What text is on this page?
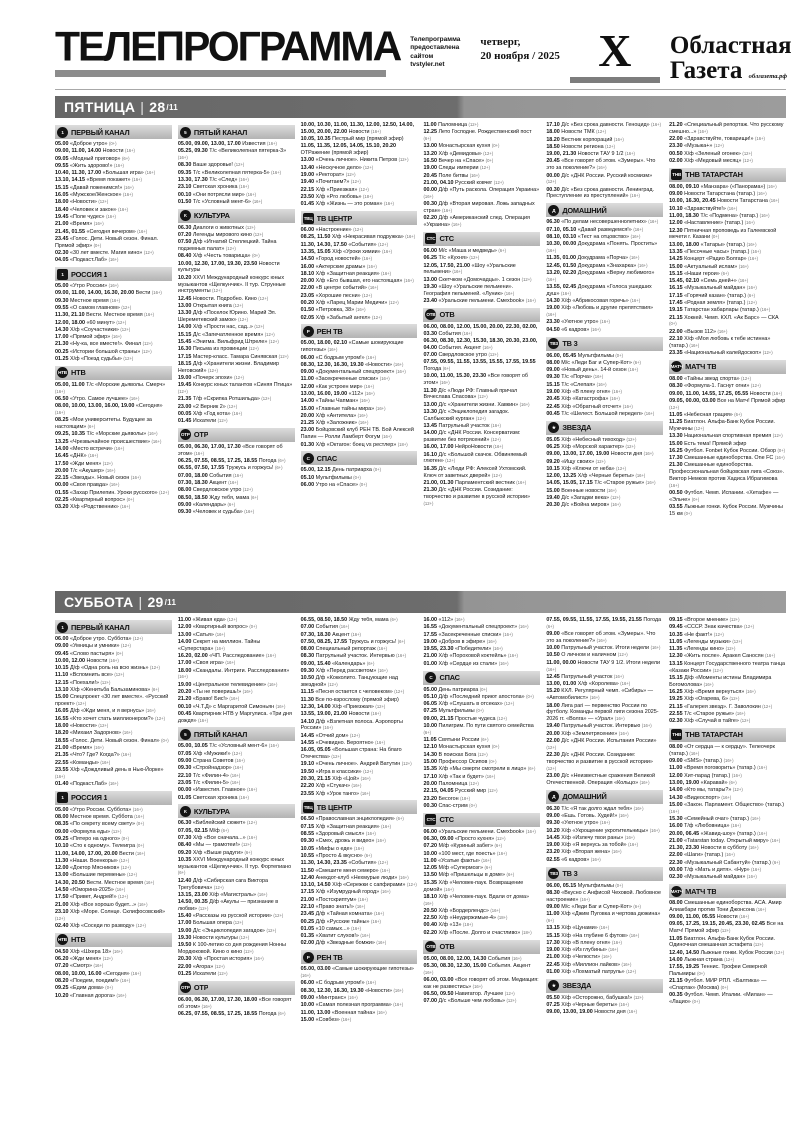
ТЕЛЕПРОГРАММА Телепрограмма предоставлена сайтом tvstyler.net
четверг,
20 ноября / 2025 X	Областная
Газета облгазета.рф
ПЯТНИЦА | 28 /11
1 ПЕРВЫЙ КАНАЛ
05.00 «Доброе утро» (0+)
09.00, 11.00, 14.00 Новости (16+)
09.05 «Модный приговор» (6+)
09.55 «Жить здорово!» (16+)
10.40, 11.30, 17.00 «Большая игра» (16+)
13.10, 14.15 «Время покажет» (16+)
15.15 «Давай поженимся!» (16+)
16.05 «Мужское/Женское» (16+)
18.00 «Новости» (12+)
18.40 «Человек и закон» (16+)
19.45 «Поле чудес» (16+)
21.00 «Время» (16+)
21.45, 01.55 «Сегодня вечером» (16+)
23.45 «Голос. Дети. Новый сезон. Финал. Прямой эфир» (0+)
02.30 «30 лет вместе. Магия кино» (12+)
04.05 «Подкаст.Лаб» (16+)
1 РОССИЯ 1
05.00 «Утро России» (16+)
09.00, 11.00, 14.00, 16.30, 20.00 Вести (16+)
09.30 Местное время (16+)
09.55 «О самом главном» (12+)
11.30, 21.10 Вести. Местное время (16+)
12.00, 18.00 «60 минут» (12+)
14.30 Х/ф «Соучастники» (12+)
17.00 «Прямой эфир» (16+)
21.30 «Ну-ка, все вместе!». Финал (12+)
00.25 «Истории большой страны» (12+)
01.25 Х/ф «Поезд судьбы» (12+)
НТВ НТВ
05.00, 11.00 Т/с «Морские дьяволы. Смерч» (16+)
06.50 «Утро. Самое лучшее» (16+)
08.00, 10.00, 13.00, 16.00, 19.00 «Сегодня» (16+)
08.25 «Мои университеты. Будущее за настоящим» (6+)
09.25, 10.35 Т/с «Морские дьяволы» (16+)
13.25 «Чрезвычайное происшествие» (16+)
14.00 «Место встречи» (16+)
16.45 «ДНК» (16+)
17.50 «Жди меня» (12+)
20.00 Т/с «Акушер» (16+)
22.15 «Звезды». Новый сезон (16+)
00.00 «Своя правда» (16+)
01.55 «Захар Прилепин. Уроки русского» (12+)
02.25 «Квартирный вопрос» (0+)
03.20 Х/ф «Родственник» (16+)
5 ПЯТЫЙ КАНАЛ
05.00, 09.00, 13.00, 17.00 Известия (16+)
05.25, 09.30 Т/с «Великолепная пятерка-3» (16+)
08.30 Ваше здоровье! (12+)
09.35 Т/с «Великолепная пятерка-5» (16+)
13.30, 17.30 Т/с «След» (16+)
23.10 Светская хроника (16+)
00.10 «Они потрясли мир» (16+)
01.50 Т/с «Условный мент-6» (16+)
К КУЛЬТУРА
06.30 Диалоги о животных (12+)
07.20 Легенды мирового кино (12+)
07.50 Д/ф «Игнатий Стеллецкий. Тайна подземных палат» (12+)
08.40 Х/ф «Честь товарища» (0+)
10.00, 12.30, 17.00, 19.30, 23.50 Новости культуры
10.20 XXVI Международный конкурс юных музыкантов «Щелкунчик». II тур. Струнные инструменты (12+)
12.45 Новости. Подробно. Кино (12+)
13.00 Открытая книга (12+)
13.30 Д/ф «Поселок Юрино. Марий Эл. Шереметевский замок» (12+)
14.00 Х/ф «Прости нас, сад..» (12+)
15.15 Д/с «Запечатленное время» (12+)
15.45 «Энигма. Вильфрид Штреле» (12+)
16.30 Письма из провинции (12+)
17.15 Мастер-класс. Тамара Синявская (12+)
18.15 Д/ф «Хранители жизни. Владимир Неговский» (12+)
19.00 «Почерк эпохи» (12+)
19.45 Конкурс юных талантов «Синяя Птица» (12+)
21.35 Т/ф «Скрипка Ротшильда» (12+)
23.00 «2 Верник 2» (12+)
00.05 Х/ф «Год кота» (16+)
01.45 Искатели (12+)
ОТР ОТР
05.00, 06.30, 17.00, 17.30 «Все говорят об этом» (16+)
06.25, 07.55, 08.55, 17.25, 18.55 Погода (6+)
06.55, 07.50, 17.55 Тружусь и горжусь! (6+)
07.00, 18.00 События (16+)
07.30, 18.30 Акцент (16+)
08.00 Свердловское утро (12+)
08.50, 18.50 Жду тебя, мама (6+)
09.00 «Календарь» (6+)
09.30 «Человек и судьба» (16+)
10.00, 10.30, 11.00, 11.30, 12.00, 12.50, 14.00, 15.00, 20.00, 22.00 Новости (16+)
10.05, 10.35 Пестрый мир (прямой эфир)
11.05, 11.35, 12.05, 14.05, 15.10, 20.20 ОТРажение (прямой эфир)
13.00 «Очень личное». Никита Петров (12+)
13.40 «Нескучное дело» (12+)
19.00 «Ректорат» (12+)
19.40 «Почитаем?» (12+)
22.15 Х/ф «Приезжая» (12+)
23.50 Х/ф «Pro любовь» (18+)
01.45 Х/ф «Жизнь — это роман» (16+)
ТВЦ ТВ ЦЕНТР
06.00 «Настроение» (12+)
08.25, 11.50 Х/ф «Некрасивая подружка» (16+)
11.30, 14.30, 17.50 «События» (12+)
13.35, 15.05 Х/ф «Уроки химии» (16+)
14.50 «Город новостей» (16+)
16.00 «Актерские драмы» (16+)
18.10 Х/ф «Защитная реакция» (16+)
20.00 Х/ф «Его бывшая, его настоящая» (16+)
22.00 «В центре событий» (16+)
23.05 «Хорошие песни» (12+)
00.20 Х/ф «Ларец Марии Медичи» (12+)
01.50 «Петровка, 38» (16+)
02.05 Х/ф «Забытый ангел» (12+)
Р РЕН ТВ
05.00, 18.00, 02.10 «Самые шокирующие гипотезы» (16+)
06.00 «С бодрым утром!» (16+)
08.30, 12.30, 16.30, 19.30 «Новости» (16+)
09.00 «Документальный спецпроект» (16+)
11.00 «Засекреченные списки» (16+)
12.00 «Как устроен мир» (16+)
13.00, 16.00, 19.00 «112» (16+)
14.00 «Тайны Чапман» (16+)
15.00 «Главные тайны мира» (16+)
20.00 Х/ф «Антитела» (16+)
21.25 Х/ф «Заложник» (16+)
23.00 Бойцовский клуб РЕН ТВ. Бой Алексей Папин — Ролли Ламберт Фогум (16+)
01.30 Х/ф «Октагон: боец vs рестлер» (18+)
С СПАС
05.00, 12.15 День патриарха (0+)
05.10 Мультфильмы (0+)
06.00 Утро на «Спасе» (0+)
11.00 Паломница (12+)
12.25 Лето Господне. Рождественский пост (6+)
13.00 Монастырская кухня (0+)
13.20 Х/ф «Демидовы» (12+)
16.50 Вечер на «Спасе» (0+)
19.00 Следы империи (12+)
20.45 Поле битвы (16+)
21.00, 04.10 Русский ковчег (12+)
00.00 Д/ф «Путь раскола. Операция Украина» (16+)
00.30 Д/ф «Вторая мировая. Ложь западных стран» (16+)
02.20 Д/ф «Американский след. Операция «Украина» (16+)
СТС СТС
06.00 М/с «Маша и медведь» (6+)
06.25 Т/с «Кухня» (12+)
12.05, 17.50, 21.00 «Шоу «Уральские пельмени» (16+)
13.00 Скетчком «Домочадцы». 1 сезон (12+)
19.30 «Шоу «Уральские пельмени». География пельменей. «Луник» (16+)
23.40 «Уральские пельмени. Смехbook» (16+)
ОТВ ОТВ
06.00, 08.00, 12.00, 15.00, 20.00, 22.30, 02.00, 03.30 События (16+)
06.30, 08.30, 12.30, 15.30, 18.30, 20.30, 23.00, 04.00 События. Акцент (16+)
07.00 Свердловское утро (12+)
07.55, 09.55, 11.55, 13.55, 15.55, 17.55, 19.55 Погода (6+)
10.00, 11.00, 15.30, 23.30 «Все говорят об этом» (16+)
11.30 Д/с «Люди РФ: Главный причал Вячеслава Спасова» (12+)
13.00 Д/с «Хранители жизни. Хавкин» (16+)
13.30 Д/с «Энциклопедия загадок. Салбыкский курган» (12+)
13.45 Патрульный участок (16+)
14.00 Д/с «ДНК России. Консерватизм: развитие без потрясений» (12+)
16.00, 17.00 НейроНовости (16+)
16.10 Д/с «Большой скачок. Обвиняемый глютен» (12+)
16.35 Д/с «Люди РФ: Алексей Ухтомский. Ключ от заветных дверей» (12+)
21.00, 01.30 Парламентский вестник (16+)
21.30 Д/с «ДНК России. Созидание: творчество и развитие в русской истории» (12+)
17.10 Д/с «Без срока давности. Геноцид» (16+)
18.00 Новости ТМК (12+)
18.20 Вестник корпораций (16+)
18.50 Новости региона (12+)
19.00, 21.30 Новости ТАУ 9 1/2 (16+)
20.45 «Все говорят об этом. «Зумеры». Что это за поколение?» (16+)
00.00 Д/с «ДНК России. Русский космизм» (12+)
00.30 Д/с «Без срока давности. Ленинград. Преступление из преступлений» (16+)
Д ДОМАШНИЙ
06.30 «По делам несовершеннолетних» (16+)
07.10, 05.10 «Давай разведемся!» (16+)
08.10, 03.10 «Тест на отцовство» (16+)
10.30, 00.00 Докудрама «Понять. Простить» (16+)
11.35, 01.00 Докудрама «Порча» (16+)
12.45, 01.50 Докудрама «Знахарка» (16+)
13.20, 02.20 Докудрама «Верну любимого» (16+)
13.55, 02.45 Докудрама «Голоса ушедших душ» (16+)
14.30 Х/ф «Абрикосовая горечь» (16+)
19.00 Х/ф «Любовь и другие препятствия» (16+)
23.30 «Уютное утро» (16+)
04.50 «6 кадров» (16+)
ТВ3 ТВ 3
06.00, 05.45 Мультфильмы (0+)
08.00 М/с «Леди Баг и Супер-Кот» (6+)
09.00 «Новый день». 14-й сезон (16+)
09.30 Т/с «Порча» (16+)
15.15 Т/с «Слепая» (16+)
19.00 Х/ф «В плену огня» (16+)
20.45 Х/ф «Катастрофа» (16+)
22.45 Х/ф «Обратный отсчет» (16+)
00.45 Т/с «Шелест. Большой передел» (16+)
★ ЗВЕЗДА
05.05 Х/ф «Небесный тихоход» (12+)
06.25 Х/ф «Морской характер» (12+)
09.00, 13.00, 17.00, 19.00 Новости дня (16+)
09.20 «Ищу своих» (12+)
10.15 Х/ф «Ключи от неба» (12+)
12.00, 13.25 Х/ф «Черные береты» (16+)
14.05, 15.05, 17.15 Т/с «Старое ружье» (16+)
15.00 Военные новости (16+)
19.40 Д/с «Загадки века» (12+)
20.30 Д/с «Война миров» (16+)
21.20 «Специальный репортаж. Что русскому смешно...» (16+)
22.00 «Здравствуйте, товарищи!» (16+)
23.30 «Музыка+» (12+)
00.50 Х/ф «Зеленый огонек» (12+)
02.00 Х/ф «Медовый месяц» (12+)
ТНВ ТНВ ТАТАРСТАН
08.00, 09.10 «Манзара» («Панорама») (16+)
09.00 Новости Татарстана (татар.) (16+)
10.00, 16.30, 20.45 Новости Татарстана (16+)
10.10 «Здравствуйте!» (16+)
11.00, 18.30 Т/с «Подмена» (татар.) (16+)
12.00 «Наставление» (татар.) (16+)
12.30 Пятничная проповедь из Галеевской мечети г. Казани (0+)
13.00, 18.00 «Татары» (татар.) (16+)
13.35 «Песочные часы» (татар.) (16+)
14.25 Концерт «Радио Болгар» (16+)
15.00 «Актуальный ислам» (16+)
15.15 «Наши герои» (6+)
15.45, 02.10 «Семь дней+» (16+)
16.15 «Музыкальный майдан» (16+)
17.15 «Горячий казан» (татар.) (6+)
17.45 «Родная земля» (татар.) (12+)
19.15 Татарстан хабарлары (татар.) (16+)
21.15 Хоккей. Чемп. КХЛ. «Ак Барс» — СКА (0+)
22.00 «Вызов 112» (16+)
22.10 Х/ф «Моя любовь к тебе истинна» (татар.) (16+)
23.35 «Национальный калейдоскоп» (12+)
МАТЧ МАТЧ ТВ
08.00 «Тайны звезд спорта» (12+)
08.30 «Формула-1. Гаснут огни» (12+)
09.00, 11.00, 14.55, 17.25, 05.55 Новости (16+)
09.05, 00.00, 03.00 Все на Матч! Прямой эфир (12+)
11.05 «Небесная грация» (6+)
11.25 Биатлон. Альфа-Банк Кубок России. Мужчины (12+)
13.30 Национальная спортивная премия (12+)
15.00 Есть тема! Прямой эфир
16.25 Футбол. Fonbet Кубок России. Обзор (0+)
17.30 Смешанные единоборства. One FC (16+)
21.30 Смешанные единоборства. Профессиональная бойцовская лига «Союз». Виктор Немков против Хадиса Ибрагимова (16+)
00.50 Футбол. Чемп. Испании. «Хетафе» — «Эльче» (0+)
03.55 Лыжные гонки. Кубок России. Мужчины 15 км (0+)
СУББОТА | 29 /11
1 ПЕРВЫЙ КАНАЛ
06.00 «Доброе утро. Суббота» (12+)
09.00 «Умницы и умники» (12+)
09.45 «Слово пастыря» (0+)
10.00, 12.00 Новости (16+)
10.15 Д/ф «Одна роль на всю жизнь» (12+)
11.10 «Вспомнить все» (12+)
12.15 «Поехали!» (12+)
13.10 Х/ф «Женитьба Бальзаминова» (6+)
15.00 Спецпроект «30 лет вместе». «Русский проект» (12+)
16.05 Д/ф «Жди меня, и я вернусь» (16+)
16.55 «Кто хочет стать миллионером?» (12+)
18.00 «Новости» (12+)
18.20 «Михаил Задорнов» (16+)
18.55 «Голос. Дети. Новый сезон. Финал» (0+)
21.00 «Время» (16+)
21.35 «Что? Где? Когда?» (16+)
22.55 «Команды» (16+)
23.55 Х/ф «Дождливый день в Нью-Йорке» (16+)
01.40 «Подкаст.Лаб» (16+)
1 РОССИЯ 1
05.00 «Утро России. Суббота» (16+)
08.00 Местное время. Суббота (16+)
08.35 «По секрету всему свету» (0+)
09.00 «Формула еды» (12+)
09.25 «Пятеро на одного» (0+)
10.10 «Сто к одному». Телеигра (0+)
11.00, 14.00, 17.00, 20.00 Вести (16+)
11.30 «Наши. Военкоры» (12+)
12.00 «Доктор Мясников» (12+)
13.00 «Большие перемены» (12+)
14.30, 20.50 Вести. Местное время (16+)
14.50 «Юморина-2025» (16+)
17.50 «Привет, Андрей!» (12+)
21.00 Х/ф «Все хорошо будет...» (16+)
23.10 Х/ф «Море. Солнце. Склифосовский» (12+)
02.40 Х/ф «Соседи по разводу» (12+)
НТВ НТВ
04.50 Х/ф «Шхера 18» (16+)
06.20 «Жди меня» (12+)
07.20 «Смотр» (16+)
08.00, 10.00, 16.00 «Сегодня» (16+)
08.20 «Поедем, поедим!» (16+)
09.25 «Едим дома» (0+)
10.20 «Главная дорога» (16+)
11.00 «Живая еда» (12+)
12.00 «Квартирный вопрос» (0+)
13.00 «Сатья» (16+)
14.00 Секрет на миллион. Тайны «Суперстара» (16+)
16.20, 02.00 «ЧП. Расследование» (16+)
17.00 «Своя игра» (16+)
18.00 «Скандалы. Интриги. Расследования» (16+)
19.00 «Центральное телевидение» (16+)
20.20 «Ты не поверишь!» (16+)
21.20 «Браво! Бис!» (16+)
00.10 «Ч.Т.Д» с Маргаритой Симоньян (16+)
00.45 Квартирник НТВ у Маргулиса. «Три дня дождя» (16+)
5 ПЯТЫЙ КАНАЛ
05.00, 10.05 Т/с «Условный мент-6» (16+)
07.05 Х/ф «Мужики!» (12+)
09.00 Страна Советов (16+)
09.30 «Стройнадзор» (16+)
22.10 Т/с «Филин-4» (16+)
23.05 Т/с «Филин-5» (16+)
00.00 «Известия. Главное» (16+)
01.05 Светская хроника (16+)
К КУЛЬТУРА
06.30 «Библейский сюжет» (12+)
07.05, 02.15 М/ф (6+)
07.30 Х/ф «Все сначала...» (16+)
08.40 «Мы — грамотеи!» (12+)
09.20 Х/ф «Выше радуги» (6+)
10.35 XXVI Международный конкурс юных музыкантов «Щелкунчик». II тур. Фортепиано (6+)
12.40 Д/ф «Сибирская сага Виктора Трегубовича» (12+)
13.15, 23.00 Х/ф «Магистраль» (16+)
14.50, 00.35 Д/ф «Акулы — признание в любви» (12+)
15.40 «Рассказы из русской истории» (12+)
17.00 Большая опера (12+)
19.00 Д/с «Энциклопедия загадок» (12+)
19.30 Новости культуры (12+)
19.50 К 100-летию со дня рождения Нонны Мордюковой. Кино о кино (12+)
20.30 Х/ф «Простая история» (16+)
22.00 «Агора» (12+)
01.25 Искатели (12+)
ОТР ОТР
06.00, 06.30, 17.00, 17.30, 18.00 «Все говорят об этом» (16+)
06.25, 07.55, 08.55, 17.25, 18.55 Погода (6+)
06.55, 08.50, 18.50 Жду тебя, мама (6+)
07.00 События (16+)
07.30, 18.30 Акцент (16+)
07.50, 08.25, 17.55 Тружусь и горжусь! (6+)
08.00 Специальный репортаж (16+)
08.30 Патрульный участок. Интервью (16+)
09.00, 15.40 «Календарь» (6+)
09.30 Х/ф «Перед рассветом» (16+)
10.50 Д/ф «Кокколито. Танцующие над звездной» (12+)
11.15 «Песня остается с человеком» (12+)
11.30 Все по-взрослому (прямой эфир)
12.30, 14.00 Х/ф «Приезжая» (12+)
13.55, 19.00, 21.00 Новости (16+)
14.10 Д/ф «Взлетная полоса. Аэропорты России» (16+)
14.45 «Отчий дом» (12+)
14.55 «Очевидно. Вероятно» (16+)
16.05, 05.05 «Большая страна: На благо Отечества» (12+)
19.10 «Очень личное». Андрей Ватутин (12+)
19.50 «Игра в классики» (12+)
20.30, 21.15 Х/ф «Цой» (16+)
22.20 Х/ф «Стукач» (16+)
23.55 Х/ф «Урок танго» (16+)
ТВЦ ТВ ЦЕНТР
06.50 «Православная энциклопедия» (6+)
07.15 Х/ф «Защитная реакция» (16+)
08.55 «Здоровый смысл» (16+)
09.30 «Смех, дрожь и видео» (16+)
10.05 «Мифы о еде» (16+)
10.55 «Просто & вкусно» (6+)
11.30, 14.30, 23.35 «События» (12+)
11.50 «Смешите меня семеро» (16+)
12.40 Анекдот-клуб «Нехмурые люди» (16+)
13.10, 14.50 Х/ф «Сережки с сапфирами» (12+)
17.15 Х/ф «Изумрудный город» (16+)
21.00 «Постскриптум» (16+)
22.10 «Право знать!» (16+)
23.45 Д/ф «Тайная комната» (16+)
00.25 Д/ф «Русские тайны» (16+)
01.05 «10 самых...» (16+)
01.35 «Хватит слухов!» (16+)
02.00 Д/ф «Звездные бомжи» (16+)
Р РЕН ТВ
05.00, 03.00 «Самые шокирующие гипотезы» (16+)
06.00 «С бодрым утром!» (16+)
08.30, 12.30, 16.30, 19.30 «Новости» (16+)
09.00 «Минтранс» (16+)
10.00 «Самая полезная программа» (16+)
11.00, 13.00 «Военная тайна» (16+)
15.00 «Совбез» (16+)
16.00 «112» (16+)
16.55 «Документальный спецпроект» (16+)
17.55 «Засекреченные списки» (16+)
19.00 «Добров в эфире» (16+)
19.55, 23.30 «Победители» (16+)
21.00 Х/ф «Пороховой коктейль» (16+)
01.00 Х/ф «Сердце из стали» (16+)
С СПАС
05.00 День патриарха (0+)
05.10 Д/ф «Последний приют апостола» (0+)
06.05 Х/ф «Слушать в отсеках» (12+)
07.25 Мультфильмы (0+)
09.00, 21.15 Простые чудеса (12+)
10.00 Пилигрим. По пути святого семейства (6+)
11.05 Святыни России (6+)
12.10 Монастырская кухня (0+)
14.30 В поисках Бога (12+)
15.00 Профессор Осипов (0+)
15.35 Х/ф «Мы смерти смотрели в лицо» (6+)
17.10 Х/ф «Так и будет» (16+)
20.00 Паломница (12+)
22.15, 04.05 Русский мир (12+)
23.20 Бесогон (18+)
00.30 Спас-стрим (0+)
СТС СТС
06.00 «Уральские пельмени. Смехbook» (16+)
06.30, 09.00 «Просто кухня» (12+)
07.20 М/ф «Куриный забег» (6+)
10.00 «100 мест, где поесть» (16+)
11.00 «Усатые факты» (16+)
12.05 М/ф «Супермозг» (6+)
13.50 М/ф «Пришельцы в доме» (6+)
15.35 Х/ф «Человек-паук. Возвращение домой» (16+)
18.10 Х/ф «Человек-паук. Вдали от дома» (16+)
20.50 Х/ф «Бордерлендс» (16+)
22.50 Х/ф «Неудержимые-4» (18+)
00.40 Х/ф «13» (18+)
02.20 Х/ф «После. Долго и счастливо» (18+)
ОТВ ОТВ
05.00, 08.00, 12.00, 14.30 События (16+)
05.30, 08.30, 12.30, 15.00 События. Акцент (16+)
06.00, 03.00 «Все говорят об этом. Медиация: как не развестись» (16+)
06.50, 09.50 Навигатор. Лучшее (12+)
07.00 Д/с «Больше чем любовь» (12+)
07.55, 09.55, 11.55, 17.55, 19.55, 21.55 Погода (6+)
09.00 «Все говорят об этом. «Зумеры». Что это за поколение?» (16+)
10.00 Патрульный участок. Итоги недели (16+)
10.50 О личном и наличном (12+)
11.00, 00.00 Новости ТАУ 9 1/2. Итоги недели (16+)
12.45 Патрульный участок (16+)
13.00, 01.00 Х/ф «Королева» (16+)
15.20 КХЛ. Регулярный чемп. «Сибирь» — «Автомобилист» (16+)
18.00 Лига pari — первенство России по футболу. Команды первой лиги сезона 2025-2026 гг. «Волга» — «Урал» (16+)
19.40 Патрульный участок. Интервью (16+)
20.00 Х/ф «Землетрясение» (16+)
22.00 Д/с «ДНК России. Испытания России» (12+)
22.30 Д/с «ДНК России. Созидание: творчество и развитие в русской истории» (12+)
23.00 Д/с «Неизвестные сражения Великой Отечественной. Операция «Кольцо» (16+)
Д ДОМАШНИЙ
06.30 Т/с «Я так долго ждал тебя» (16+)
09.00 «Ешь. Готовь. Худей!» (16+)
09.30 «Уютное утро» (16+)
10.20 Х/ф «Укрощение укротительницы» (16+)
14.45 Х/ф «Излечу твои раны» (16+)
19.00 Х/ф «Я вернусь за тобой» (16+)
23.20 Х/ф «Вторая жена» (16+)
02.55 «6 кадров» (16+)
ТВ3 ТВ 3
06.00, 05.15 Мультфильмы (0+)
08.30 «Вкусно с Анфисой Чеховой. Любовное настроение» (16+)
09.00 М/с «Леди Баг и Супер-Кот» (6+)
11.00 Х/ф «Джим Пуговка и чертова дюжина» (6+)
13.15 Х/ф «Цунами» (16+)
15.15 Х/ф «На глубине 6 футов» (16+)
17.30 Х/ф «В плену огня» (16+)
19.00 Х/ф «Из глубины» (16+)
21.00 Х/ф «Челюсти» (16+)
22.45 Х/ф «Миллион лайков» (16+)
01.00 Х/ф «Лохматый патруль» (12+)
★ ЗВЕЗДА
05.50 Х/ф «Осторожно, бабушка!» (12+)
07.25 Х/ф «Черные береты» (16+)
09.00, 13.00, 19.00 Новости дня (16+)
09.15 «Второе мнение» (12+)
09.45 «СССР. Знак качества» (12+)
10.35 «Не факт!» (12+)
11.05 «Легенды музыки» (12+)
11.35 «Легенды кино» (12+)
12.30 «Жить после». Аракел Саносян (16+)
13.15 Концерт Государственного театра танца «Казаки России» (12+)
15.15 Д/ф «Моменты истины Владимира Богомолова» (16+)
16.25 Х/ф «Время вернуться» (16+)
19.25 Х/ф «Огарева, 6» (12+)
21.15 «Галерея звезд». Г. Заволокин (12+)
22.55 Т/с «Старое ружье» (16+)
02.30 Х/ф «Случай в тайге» (12+)
ТНВ ТНВ ТАТАРСТАН
08.00 «От сердца — к сердцу». Телеочерк (татар.) (16+)
09.00 «SMS» (татар.) (16+)
11.00 «Время поговорить» (татар.) (16+)
12.00 Хит-парад (татар.) (16+)
13.00, 19.00 «Каравай» (6+)
14.00 «Кто мы, татары?» (12+)
14.30 «Видеоспорт» (16+)
15.00 «Закон. Парламент. Общество» (татар.) (16+)
15.30 «Семейный очаг» (татар.) (16+)
16.00 Т/ф «Любовница» (16+)
20.00, 06.45 «Жавид-шоу» (татар.) (16+)
21.00 «Tatarstan today. Открытый миру» (16+)
21.30, 23.30 Новости в субботу (16+)
22.00 «Шаги» (татар.) (16+)
22.30 «Музыкальный Сабантуй» (татар.) (6+)
00.00 Т/ф «Мать и дитя». «Нур» (16+)
02.30 «Музыкальный майдан» (16+)
МАТЧ МАТЧ ТВ
08.00 Смешанные единоборства. АСА. Амир Алиакбари против Тони Джонсона (16+)
09.00, 11.00, 05.55 Новости (16+)
09.05, 17.25, 19.15, 20.45, 23.30, 02.45 Все на Матч! Прямой эфир (12+)
11.05 Биатлон. Альфа-Банк Кубок России. Одиночная смешанная эстафета (12+)
12.40, 14.50 Лыжные гонки. Кубок России (12+)
14.00 Лыжная страна (12+)
17.55, 19.25 Теннис. Трофеи Северной Пальмиры (0+)
21.15 Футбол. МИР РПЛ. «Балтика» — «Спартак» (Москва) (0+)
00.35 Футбол. Чемп. Италии. «Милан» — «Лацио» (0+)
